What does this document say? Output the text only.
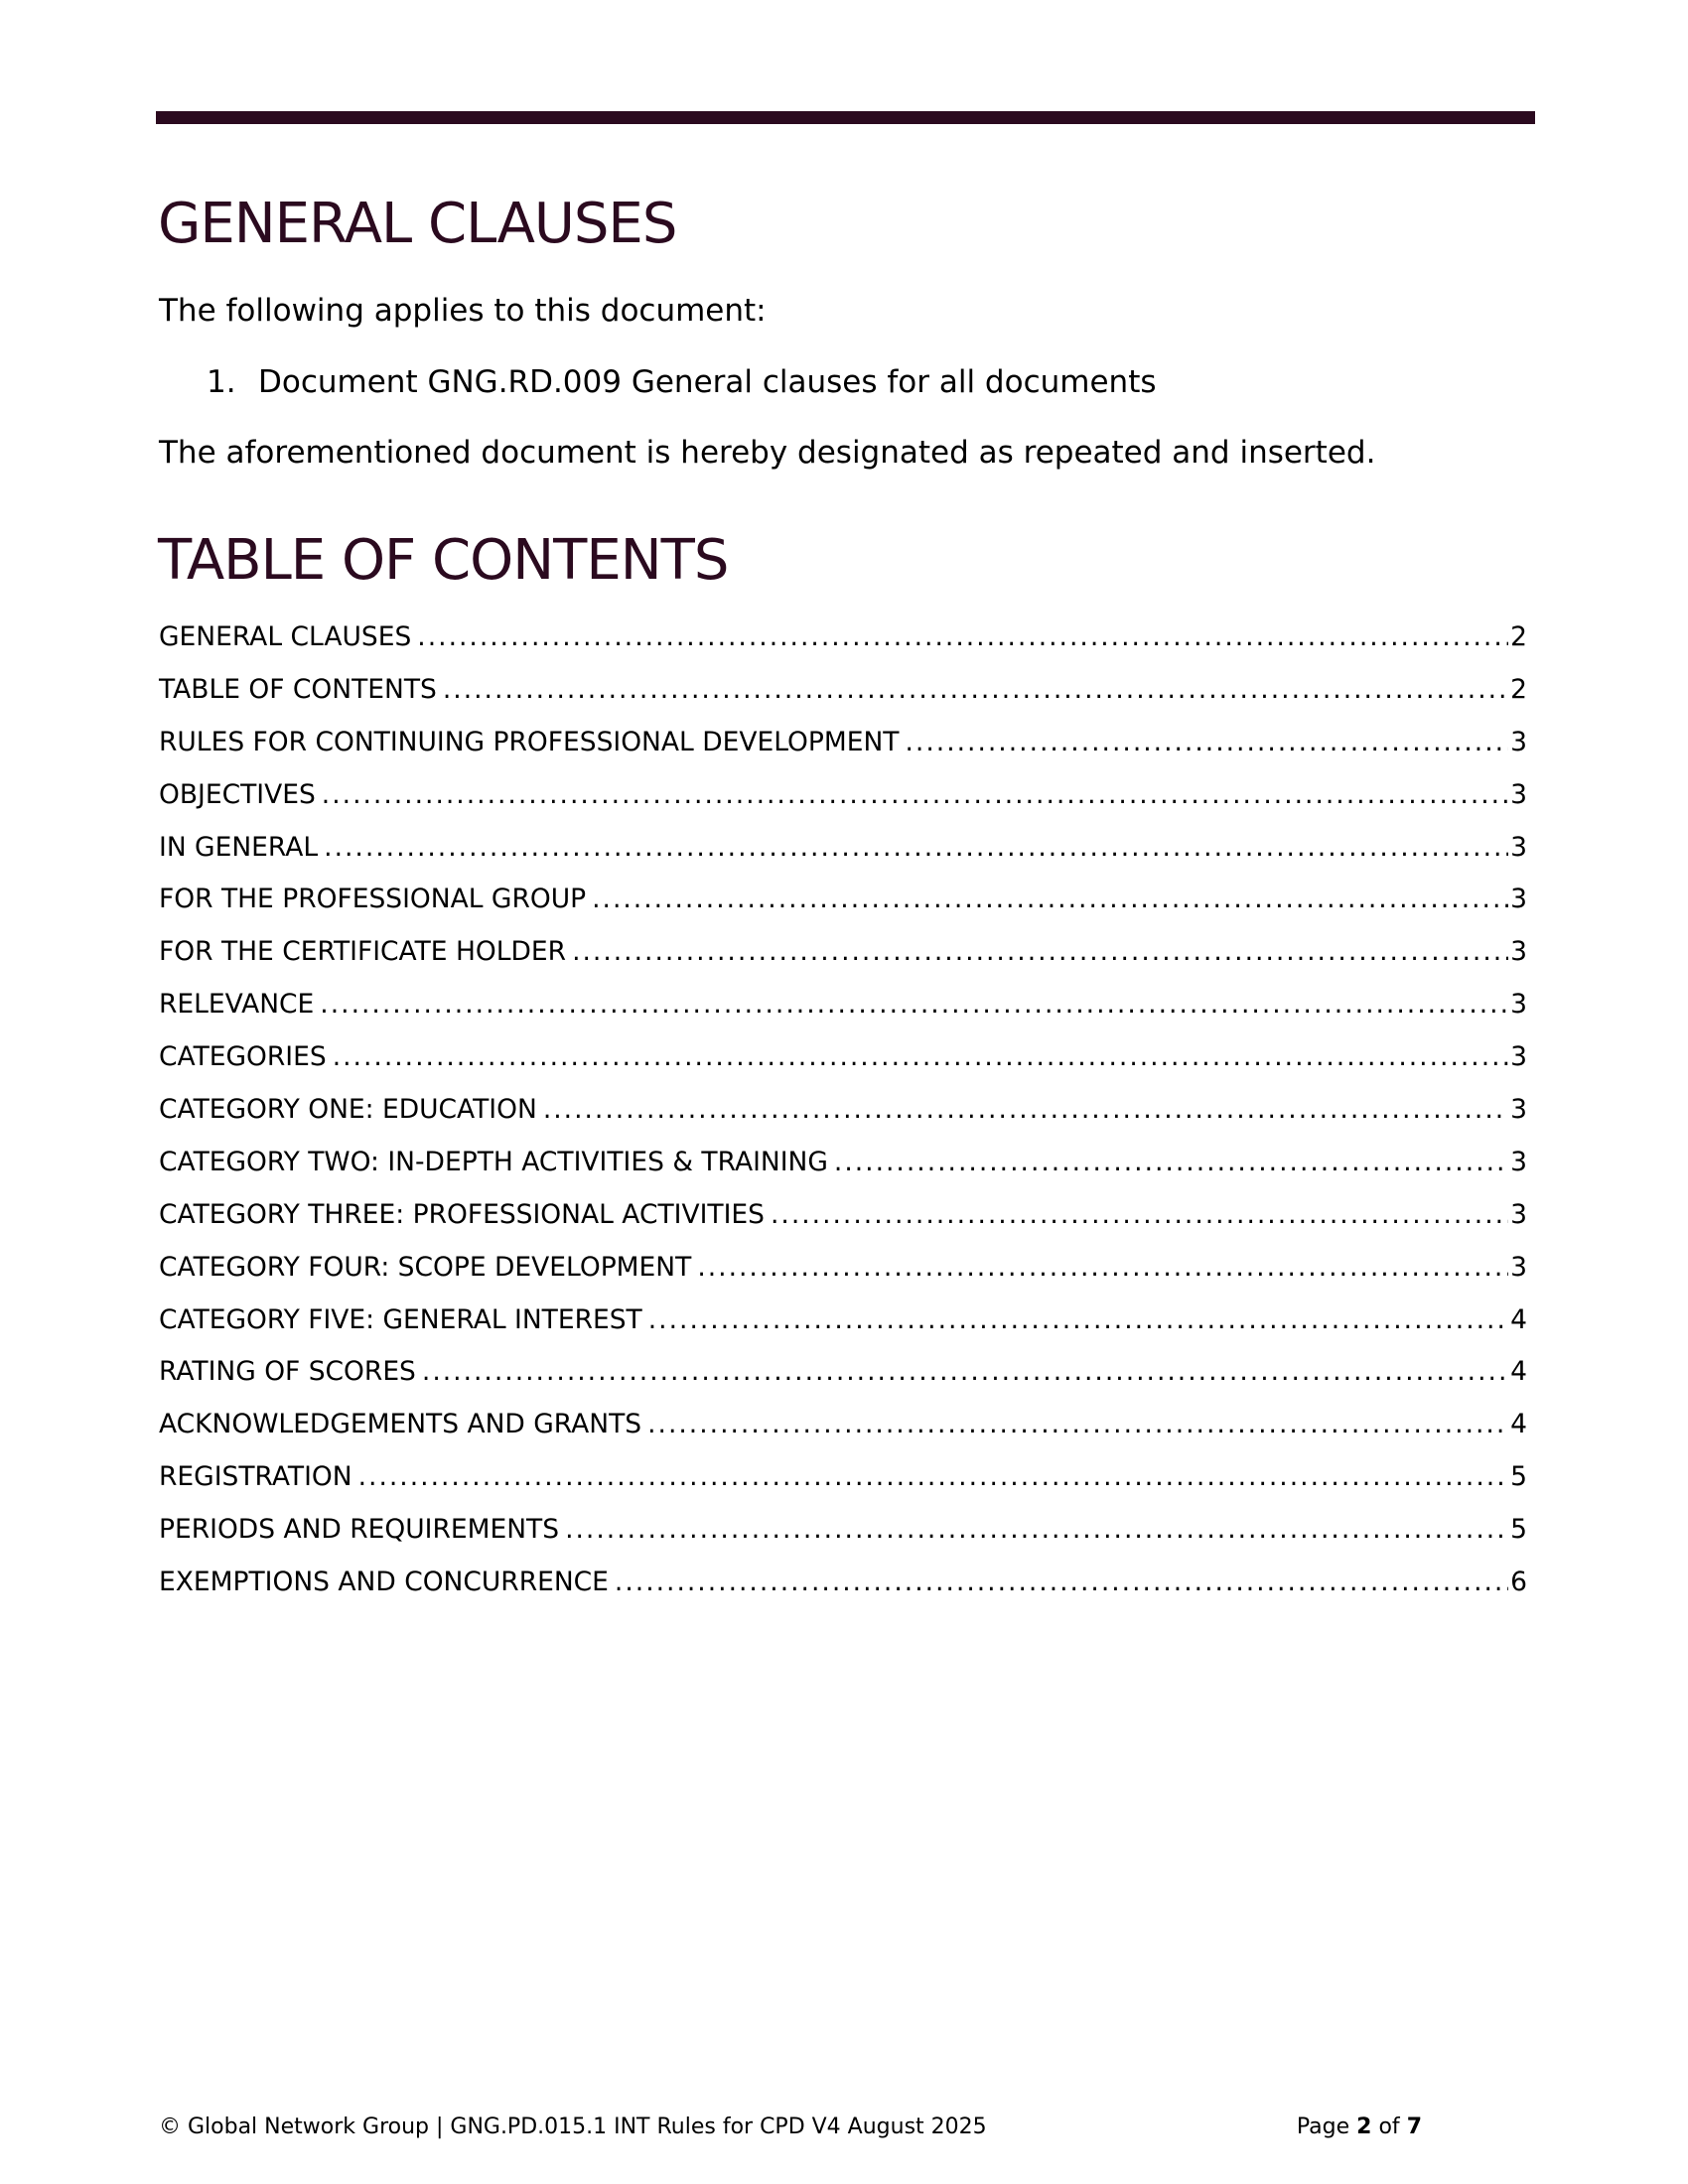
GENERAL CLAUSES

The following applies to this document:

1. Document GNG.RD.009 General clauses for all documents

The aforementioned document is hereby designated as repeated and inserted.

TABLE OF CONTENTS
GENERAL CLAUSES .....	2
TABLE OF CONTENTS .....	2
RULES FOR CONTINUING PROFESSIONAL DEVELOPMENT .....	3
OBJECTIVES .....	3
IN GENERAL .....	3
FOR THE PROFESSIONAL GROUP .....	3
FOR THE CERTIFICATE HOLDER .....	3
RELEVANCE .....	3
CATEGORIES .....	3
CATEGORY ONE: EDUCATION .....	3
CATEGORY TWO: IN-DEPTH ACTIVITIES & TRAINING .....	3
CATEGORY THREE: PROFESSIONAL ACTIVITIES .....	3
CATEGORY FOUR: SCOPE DEVELOPMENT .....	3
CATEGORY FIVE: GENERAL INTEREST .....	4
RATING OF SCORES .....	4
ACKNOWLEDGEMENTS AND GRANTS .....	4
REGISTRATION .....	5
PERIODS AND REQUIREMENTS .....	5
EXEMPTIONS AND CONCURRENCE .....	6
© Global Network Group | GNG.PD.015.1 INT Rules for CPD V4 August 2025	Page 2 of 7
